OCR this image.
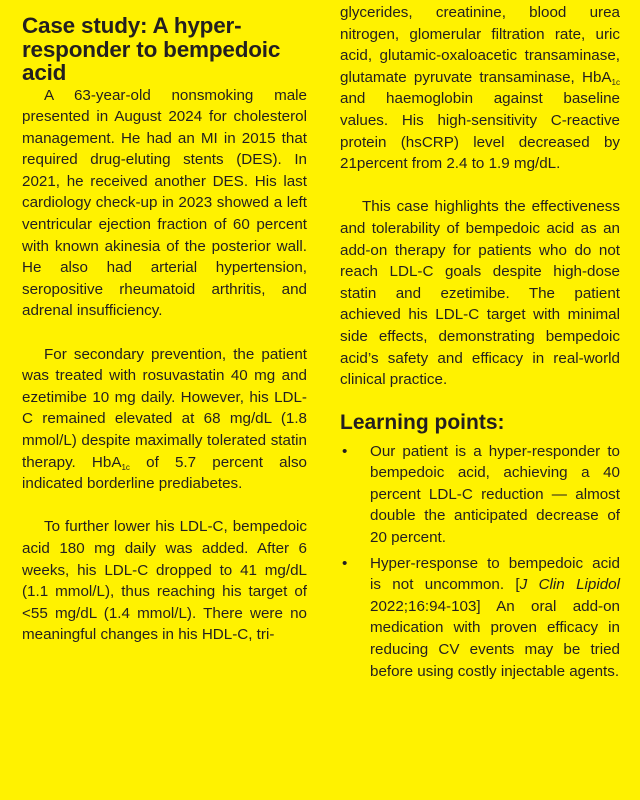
Case study: A hyper-responder to bempedoic acid

A 63-year-old nonsmoking male presented in August 2024 for cholesterol management. He had an MI in 2015 that required drug-eluting stents (DES). In 2021, he received another DES. His last cardiology check-up in 2023 showed a left ventricular ejection fraction of 60 percent with known akinesia of the posterior wall. He also had arterial hypertension, seropositive rheumatoid arthritis, and adrenal insufficiency.

For secondary prevention, the patient was treated with rosuvastatin 40 mg and ezetimibe 10 mg daily. However, his LDL-C remained elevated at 68 mg/dL (1.8 mmol/L) despite maximally tolerated statin therapy. HbA$_{1c}$ of 5.7 percent also indicated borderline prediabetes.

To further lower his LDL-C, bempedoic acid 180 mg daily was added. After 6 weeks, his LDL-C dropped to 41 mg/dL (1.1 mmol/L), thus reaching his target of <55 mg/dL (1.4 mmol/L). There were no meaningful changes in his HDL-C, tri-

glycerides, creatinine, blood urea nitrogen, glomerular filtration rate, uric acid, glutamic-oxaloacetic transaminase, glutamate pyruvate transaminase, HbA$_{1c}$ and haemoglobin against baseline values. His high-sensitivity C-reactive protein (hsCRP) level decreased by 21percent from 2.4 to 1.9 mg/dL.

This case highlights the effectiveness and tolerability of bempedoic acid as an add-on therapy for patients who do not reach LDL-C goals despite high-dose statin and ezetimibe. The patient achieved his LDL-C target with minimal side effects, demonstrating bempedoic acid’s safety and efficacy in real-world clinical practice.

Learning points:
• Our patient is a hyper-responder to bempedoic acid, achieving a 40 percent LDL-C reduction — almost double the anticipated decrease of 20 percent.
• Hyper-response to bempedoic acid is not uncommon. [J Clin Lipidol 2022;16:94-103] An oral add-on medication with proven efficacy in reducing CV events may be tried before using costly injectable agents.
